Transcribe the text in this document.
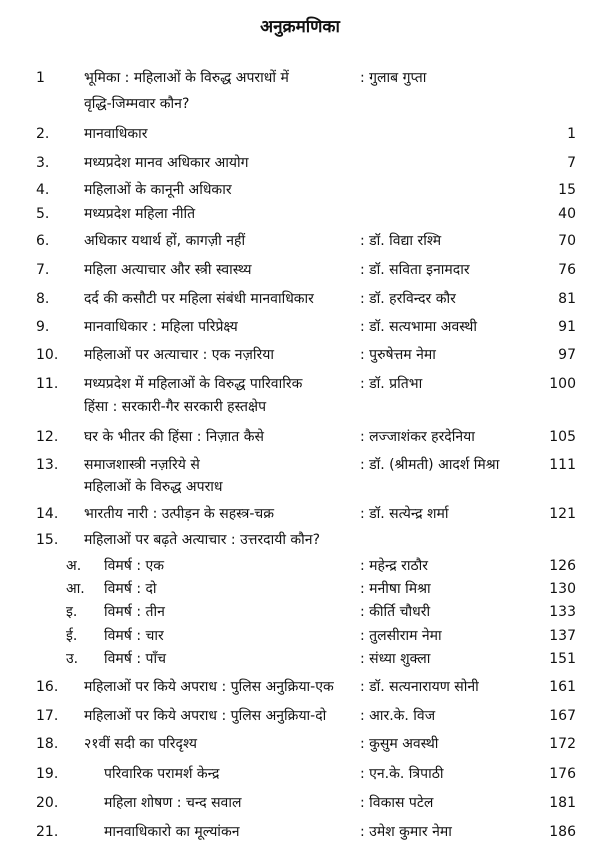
अनुक्रमणिका
1	भूमिका : महिलाओं के विरुद्ध अपराधों में	: गुलाब गुप्ता
वृद्धि-जिम्मवार कौन?
2. मानवाधिकार	1
3. मध्यप्रदेश मानव अधिकार आयोग	7
4. महिलाओं के कानूनी अधिकार	15
5. मध्यप्रदेश महिला नीति	40
6. अधिकार यथार्थ हों, कागज़ी नहीं	: डॉ. विद्या रश्मि	70
7. महिला अत्याचार और स्त्री स्वास्थ्य	: डॉ. सविता इनामदार	76
8. दर्द की कसौटी पर महिला संबंधी मानवाधिकार	: डॉ. हरविन्दर कौर	81
9. मानवाधिकार : महिला परिप्रेक्ष्य	: डॉ. सत्यभामा अवस्थी	91
10. महिलाओं पर अत्याचार : एक नज़रिया	: पुरुषेत्तम नेमा	97
11. मध्यप्रदेश में महिलाओं के विरुद्ध पारिवारिक	: डॉ. प्रतिभा	100
हिंसा : सरकारी-गैर सरकारी हस्तक्षेप
12. घर के भीतर की हिंसा : निज़ात कैसे	: लज्जाशंकर हरदेनिया	105
13. समाजशास्त्री नज़रिये से	: डॉ. (श्रीमती) आदर्श मिश्रा	111
महिलाओं के विरुद्ध अपराध
14. भारतीय नारी : उत्पीड़न के सहस्त्र-चक्र	: डॉ. सत्येन्द्र शर्मा	121
15. महिलाओं पर बढ़ते अत्याचार : उत्तरदायी कौन?
अ. विमर्ष : एक	: महेन्द्र राठौर	126
आ. विमर्ष : दो	: मनीषा मिश्रा	130
इ. विमर्ष : तीन	: कीर्ति चौधरी	133
ई. विमर्ष : चार	: तुलसीराम नेमा	137
उ. विमर्ष : पाँच	: संध्या शुक्ला	151
16. महिलाओं पर किये अपराध : पुलिस अनुक्रिया-एक : डॉ. सत्यनारायण सोनी	161
17. महिलाओं पर किये अपराध : पुलिस अनुक्रिया-दो : आर.के. विज	167
18. २१वीं सदी का परिदृश्य	: कुसुम अवस्थी	172
19.	परिवारिक परामर्श केन्द्र	: एन.के. त्रिपाठी	176
20.	महिला शोषण : चन्द सवाल	: विकास पटेल	181
21.	मानवाधिकारो का मूल्यांकन	: उमेश कुमार नेमा	186
